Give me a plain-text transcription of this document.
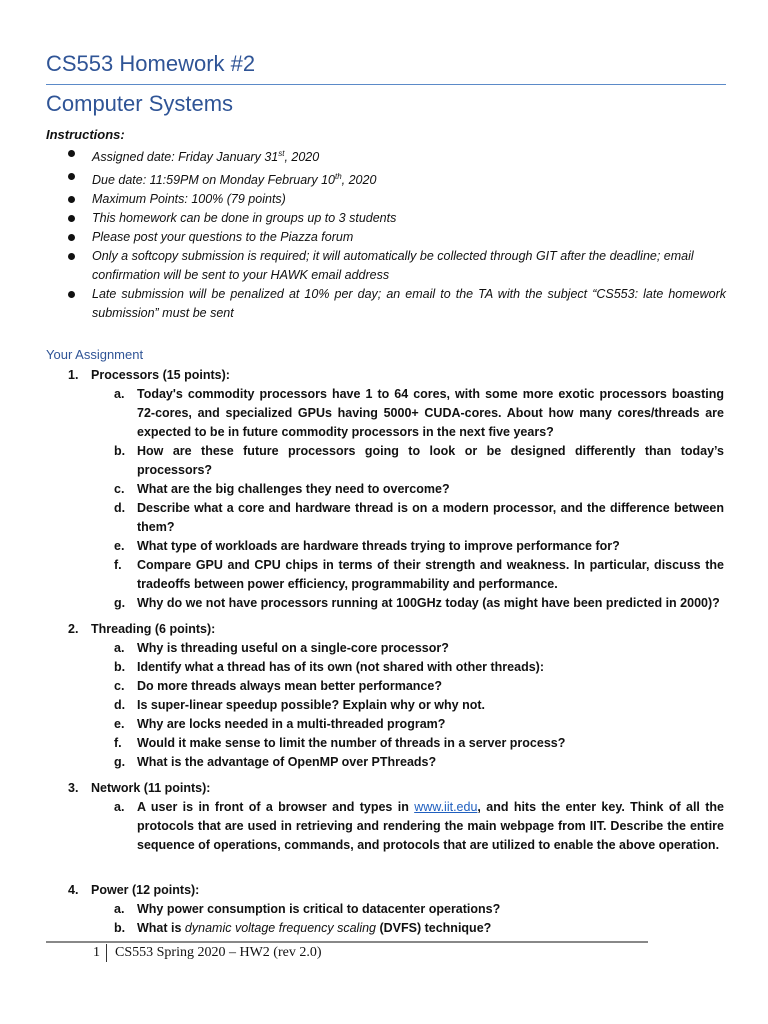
CS553 Homework #2
Computer Systems
Instructions:
Assigned date: Friday January 31st, 2020
Due date: 11:59PM on Monday February 10th, 2020
Maximum Points: 100% (79 points)
This homework can be done in groups up to 3 students
Please post your questions to the Piazza forum
Only a softcopy submission is required; it will automatically be collected through GIT after the deadline; email confirmation will be sent to your HAWK email address
Late submission will be penalized at 10% per day; an email to the TA with the subject “CS553: late homework submission” must be sent
Your Assignment
1. Processors (15 points):
a. Today's commodity processors have 1 to 64 cores, with some more exotic processors boasting 72-cores, and specialized GPUs having 5000+ CUDA-cores. About how many cores/threads are expected to be in future commodity processors in the next five years?
b. How are these future processors going to look or be designed differently than today’s processors?
c. What are the big challenges they need to overcome?
d. Describe what a core and hardware thread is on a modern processor, and the difference between them?
e. What type of workloads are hardware threads trying to improve performance for?
f. Compare GPU and CPU chips in terms of their strength and weakness. In particular, discuss the tradeoffs between power efficiency, programmability and performance.
g. Why do we not have processors running at 100GHz today (as might have been predicted in 2000)?
2. Threading (6 points):
a. Why is threading useful on a single-core processor?
b. Identify what a thread has of its own (not shared with other threads):
c. Do more threads always mean better performance?
d. Is super-linear speedup possible? Explain why or why not.
e. Why are locks needed in a multi-threaded program?
f. Would it make sense to limit the number of threads in a server process?
g. What is the advantage of OpenMP over PThreads?
3. Network (11 points):
a. A user is in front of a browser and types in www.iit.edu, and hits the enter key. Think of all the protocols that are used in retrieving and rendering the main webpage from IIT. Describe the entire sequence of operations, commands, and protocols that are utilized to enable the above operation.
4. Power (12 points):
a. Why power consumption is critical to datacenter operations?
b. What is dynamic voltage frequency scaling (DVFS) technique?
1 CS553 Spring 2020 – HW2 (rev 2.0)
